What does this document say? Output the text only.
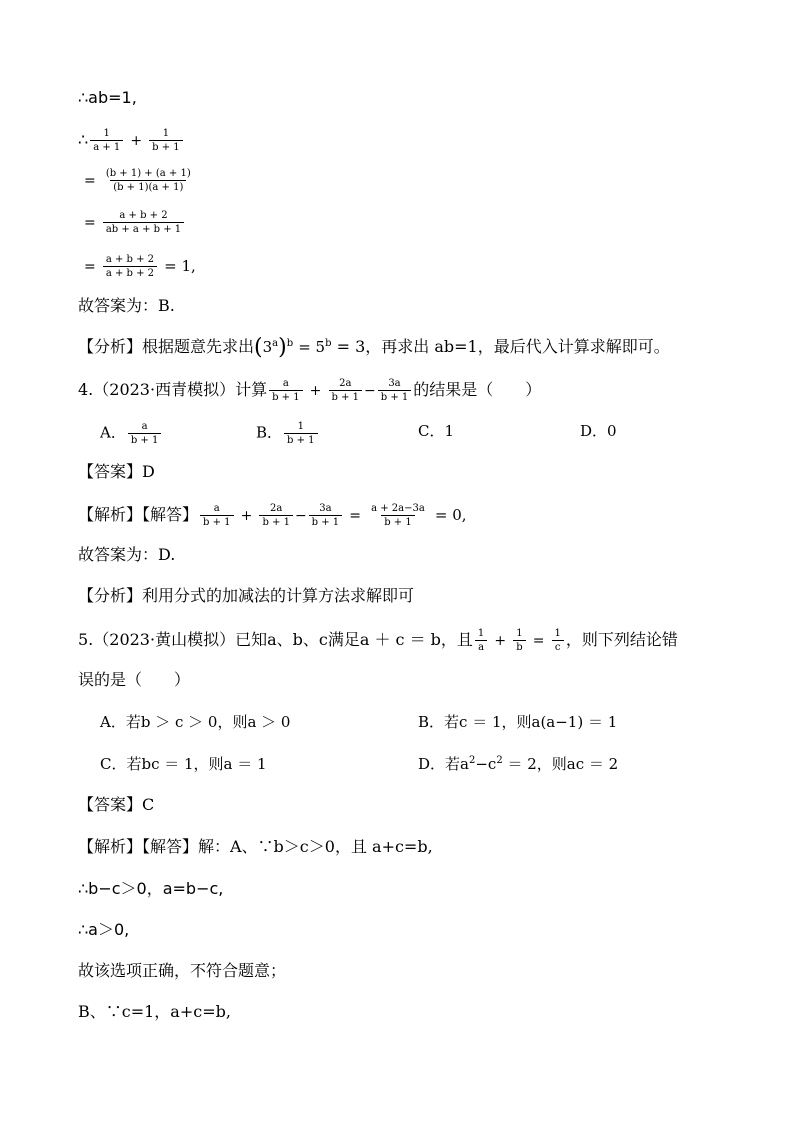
∴ab=1,
∴ $\frac{1}{a + 1} + \frac{1}{b + 1}$
= $\frac{(b + 1) + (a + 1)}{(b + 1)(a + 1)}$
= $\frac{a + b + 2}{ab + a + b + 1}$
= $\frac{a + b + 2}{a + b + 2} = 1$,
故答案为：B.
【分析】根据题意先求出$(3^a)^b = 5^b = 3$，再求出 ab=1，最后代入计算求解即可。
4.（2023·西青模拟）计算 $\frac{a}{b + 1} + \frac{2a}{b + 1} - \frac{3a}{b + 1}$ 的结果是（　　）
A． $\frac{a}{b + 1}$	B． $\frac{1}{b + 1}$	C．1	D．0
【答案】D
【解析】【解答】 $\frac{a}{b + 1} + \frac{2a}{b + 1} - \frac{3a}{b + 1} = \frac{a + 2a-3a}{b + 1} = 0$,
故答案为：D.
【分析】利用分式的加减法的计算方法求解即可
5.（2023·黄山模拟）已知a、b、c满足a ＋ c ＝ b，且 $\frac{1}{a} + \frac{1}{b} = \frac{1}{c}$ ，则下列结论错
误的是（　　）
A．若b ＞ c ＞ 0，则a ＞ 0	B．若c ＝ 1，则a(a−1) ＝ 1
C．若bc ＝ 1，则a ＝ 1	D．若$a^2-c^2 = 2$，则ac ＝ 2
【答案】C
【解析】【解答】解：A、∵b＞c＞0，且 a+c=b,
∴b−c＞0，a=b−c,
∴a＞0,
故该选项正确，不符合题意；
B、∵c=1，a+c=b,
